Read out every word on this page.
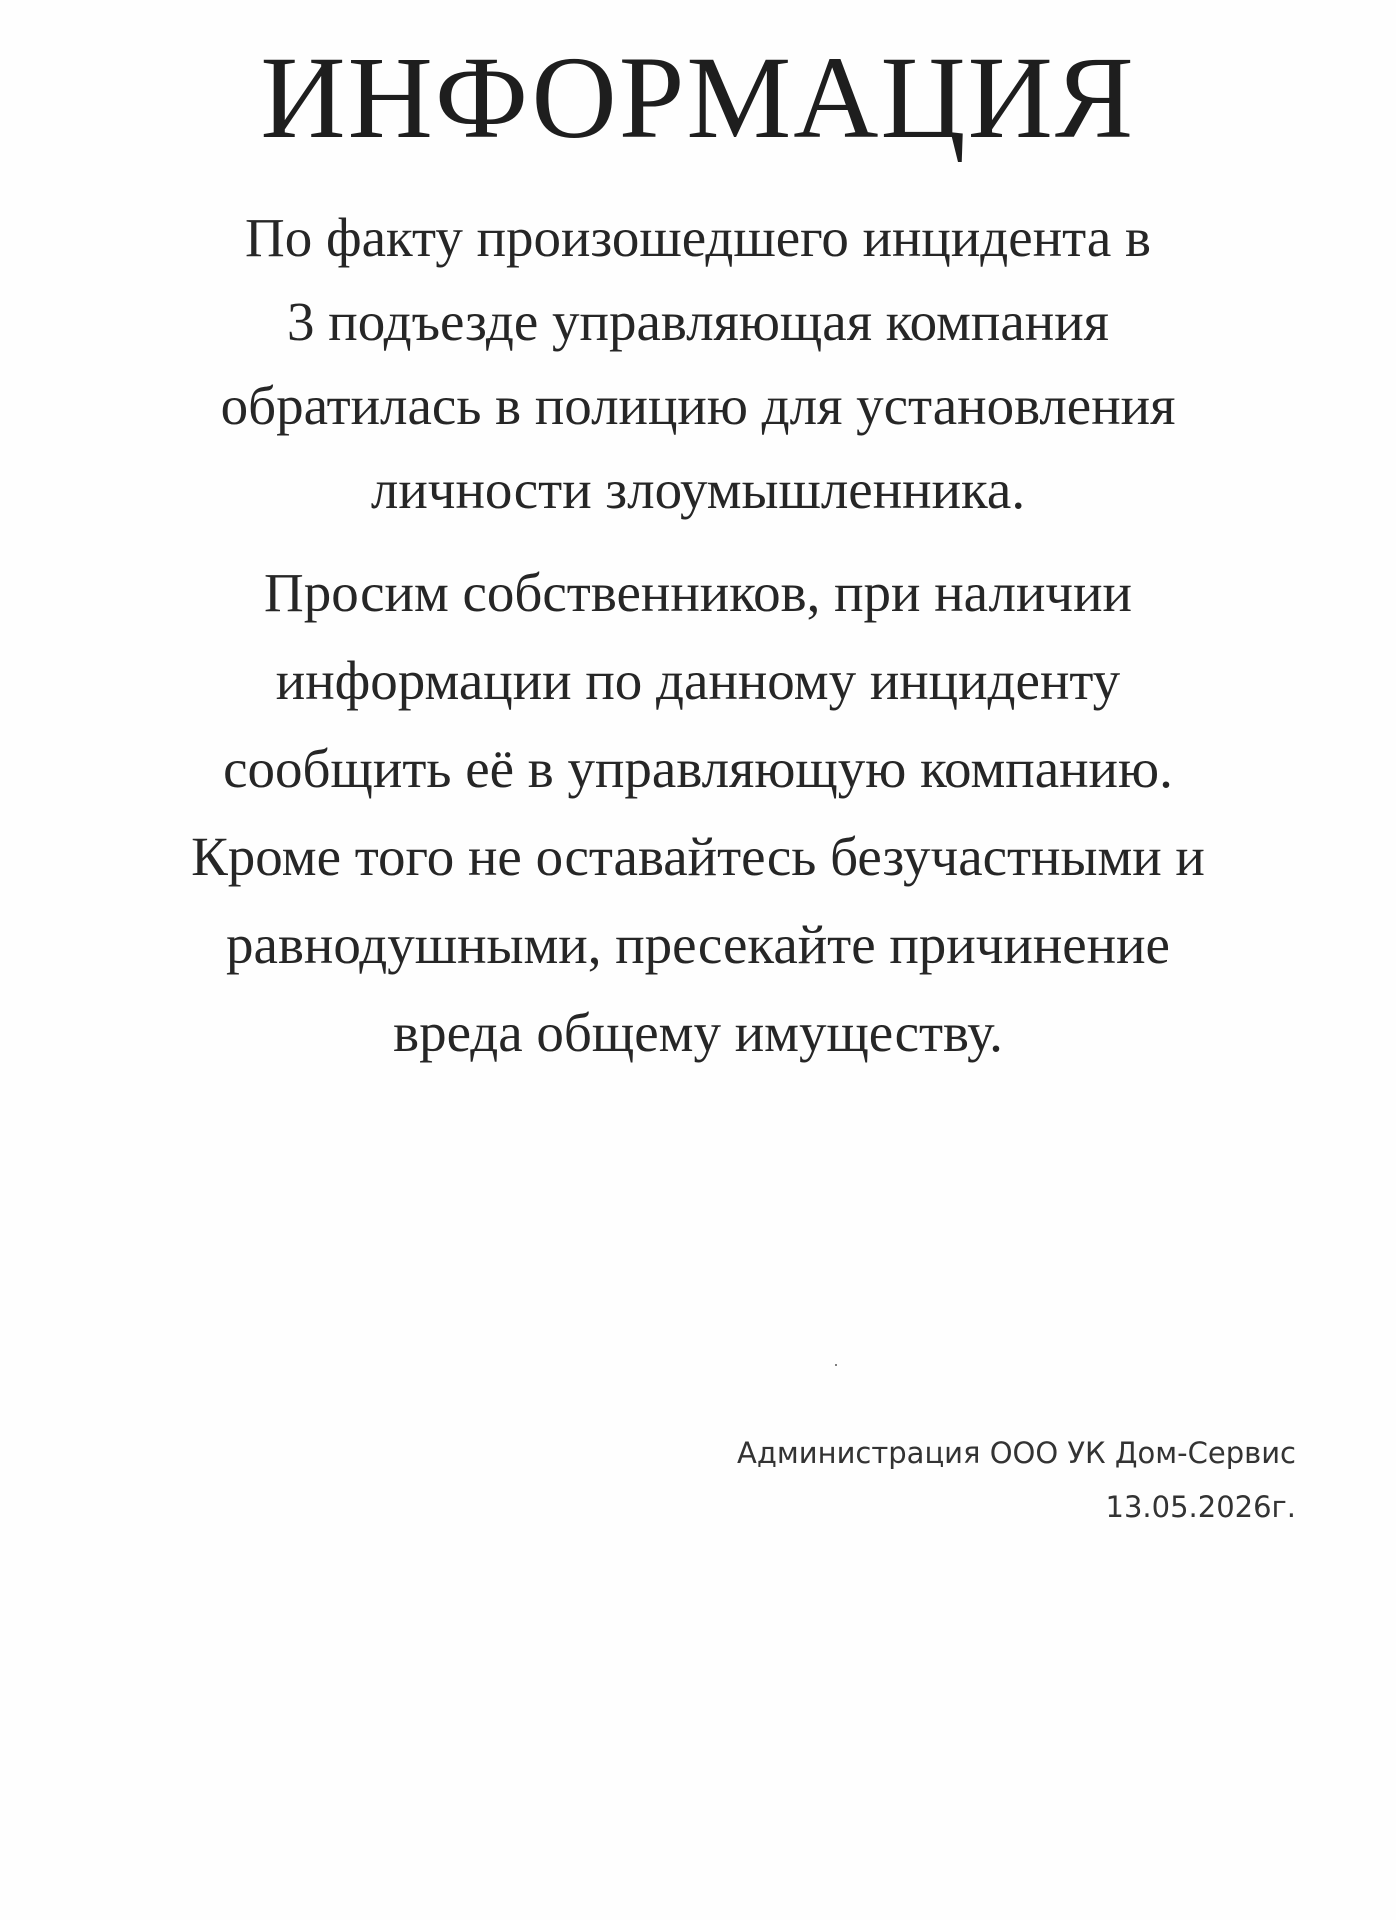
ИНФОРМАЦИЯ

По факту произошедшего инцидента в
3 подъезде управляющая компания
обратилась в полицию для установления
личности злоумышленника.

Просим собственников, при наличии
информации по данному инциденту
сообщить её в управляющую компанию.
Кроме того не оставайтесь безучастными и
равнодушными, пресекайте причинение
вреда общему имуществу.

Администрация ООО УК Дом-Сервис
13.05.2026г.
